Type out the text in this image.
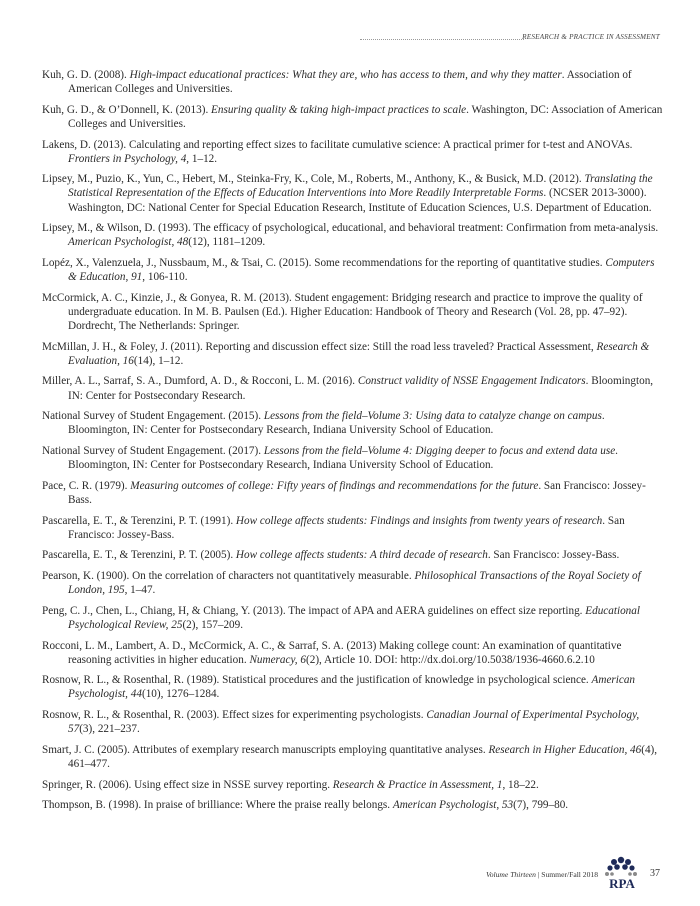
RESEARCH & PRACTICE IN ASSESSMENT

Kuh, G. D. (2008). High-impact educational practices: What they are, who has access to them, and why they matter. Association of American Colleges and Universities.

Kuh, G. D., & O’Donnell, K. (2013). Ensuring quality & taking high-impact practices to scale. Washington, DC: Association of American Colleges and Universities.

Lakens, D. (2013). Calculating and reporting effect sizes to facilitate cumulative science: A practical primer for t-test and ANOVAs. Frontiers in Psychology, 4, 1–12.

Lipsey, M., Puzio, K., Yun, C., Hebert, M., Steinka-Fry, K., Cole, M., Roberts, M., Anthony, K., & Busick, M.D. (2012). Translating the Statistical Representation of the Effects of Education Interventions into More Readily Interpretable Forms. (NCSER 2013-3000). Washington, DC: National Center for Special Education Research, Institute of Education Sciences, U.S. Department of Education.

Lipsey, M., & Wilson, D. (1993). The efficacy of psychological, educational, and behavioral treatment: Confirmation from meta-analysis. American Psychologist, 48(12), 1181–1209.

Lopéz, X., Valenzuela, J., Nussbaum, M., & Tsai, C. (2015). Some recommendations for the reporting of quantitative studies. Computers & Education, 91, 106-110.

McCormick, A. C., Kinzie, J., & Gonyea, R. M. (2013). Student engagement: Bridging research and practice to improve the quality of undergraduate education. In M. B. Paulsen (Ed.). Higher Education: Handbook of Theory and Research (Vol. 28, pp. 47–92). Dordrecht, The Netherlands: Springer.

McMillan, J. H., & Foley, J. (2011). Reporting and discussion effect size: Still the road less traveled? Practical Assessment, Research & Evaluation, 16(14), 1–12.

Miller, A. L., Sarraf, S. A., Dumford, A. D., & Rocconi, L. M. (2016). Construct validity of NSSE Engagement Indicators. Bloomington, IN: Center for Postsecondary Research.

National Survey of Student Engagement. (2015). Lessons from the field–Volume 3: Using data to catalyze change on campus. Bloomington, IN: Center for Postsecondary Research, Indiana University School of Education.

National Survey of Student Engagement. (2017). Lessons from the field–Volume 4: Digging deeper to focus and extend data use. Bloomington, IN: Center for Postsecondary Research, Indiana University School of Education.

Pace, C. R. (1979). Measuring outcomes of college: Fifty years of findings and recommendations for the future. San Francisco: Jossey-Bass.

Pascarella, E. T., & Terenzini, P. T. (1991). How college affects students: Findings and insights from twenty years of research. San Francisco: Jossey-Bass.

Pascarella, E. T., & Terenzini, P. T. (2005). How college affects students: A third decade of research. San Francisco: Jossey-Bass.

Pearson, K. (1900). On the correlation of characters not quantitatively measurable. Philosophical Transactions of the Royal Society of London, 195, 1–47.

Peng, C. J., Chen, L., Chiang, H, & Chiang, Y. (2013). The impact of APA and AERA guidelines on effect size reporting. Educational Psychological Review, 25(2), 157–209.

Rocconi, L. M., Lambert, A. D., McCormick, A. C., & Sarraf, S. A. (2013) Making college count: An examination of quantitative reasoning activities in higher education. Numeracy, 6(2), Article 10. DOI: http://dx.doi.org/10.5038/1936-4660.6.2.10

Rosnow, R. L., & Rosenthal, R. (1989). Statistical procedures and the justification of knowledge in psychological science. American Psychologist, 44(10), 1276–1284.

Rosnow, R. L., & Rosenthal, R. (2003). Effect sizes for experimenting psychologists. Canadian Journal of Experimental Psychology, 57(3), 221–237.

Smart, J. C. (2005). Attributes of exemplary research manuscripts employing quantitative analyses. Research in Higher Education, 46(4), 461–477.

Springer, R. (2006). Using effect size in NSSE survey reporting. Research & Practice in Assessment, 1, 18–22.

Thompson, B. (1998). In praise of brilliance: Where the praise really belongs. American Psychologist, 53(7), 799–80.

Volume Thirteen | Summer/Fall 2018
RPA
37
